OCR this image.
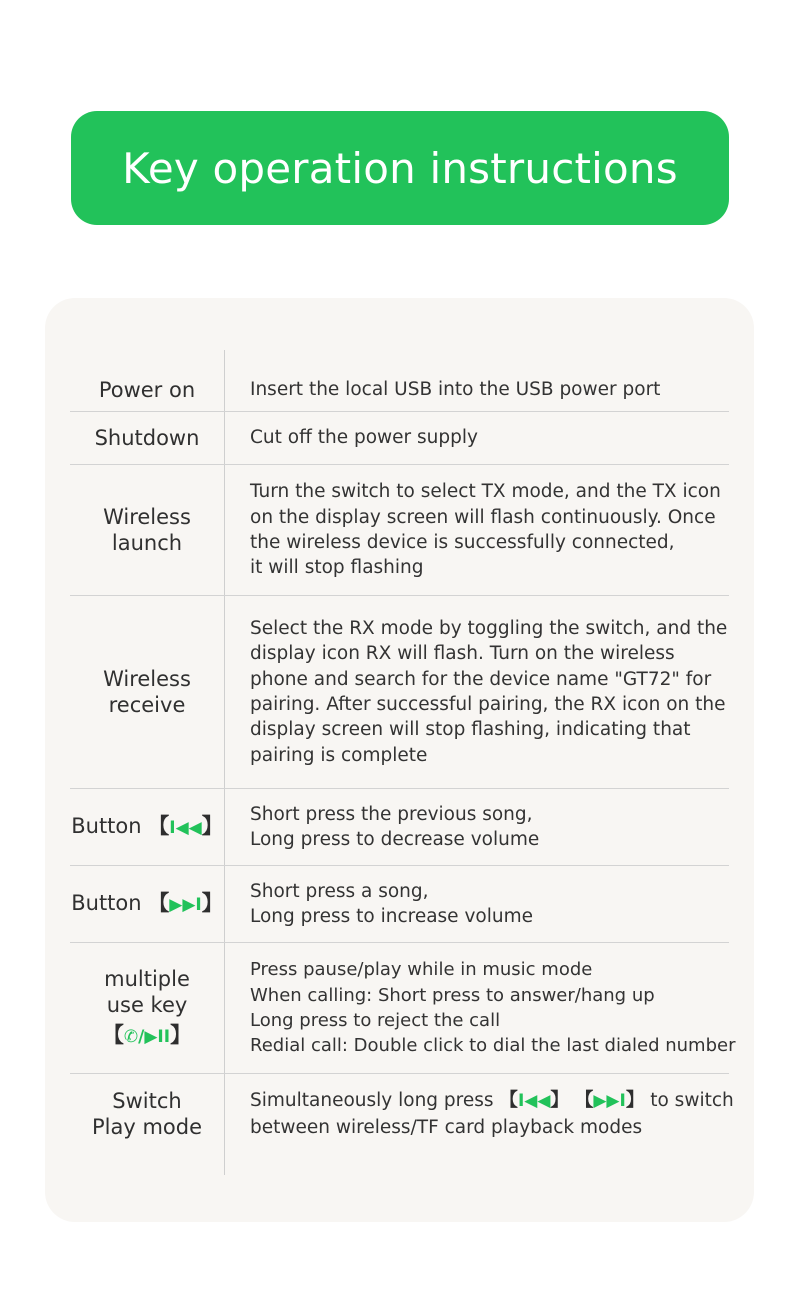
Key operation instructions
Power on	Insert the local USB into the USB power port
Shutdown	Cut off the power supply
Wireless
launch
Turn the switch to select TX mode, and the TX icon
on the display screen will flash continuously. Once
the wireless device is successfully connected,
it will stop flashing
Wireless
receive
Select the RX mode by toggling the switch, and the
display icon RX will flash. Turn on the wireless
phone and search for the device name "GT72" for
pairing. After successful pairing, the RX icon on the
display screen will stop flashing, indicating that
pairing is complete
Button 【I◀◀】 Short press the previous song,
Long press to decrease volume
Button 【▶▶I】 Short press a song,
Long press to increase volume
multiple
use key
【✆/▶II】
Press pause/play while in music mode
When calling: Short press to answer/hang up
Long press to reject the call
Redial call: Double click to dial the last dialed number
Switch
Play mode
Simultaneously long press 【I◀◀】 【▶▶I】 to switch
between wireless/TF card playback modes
